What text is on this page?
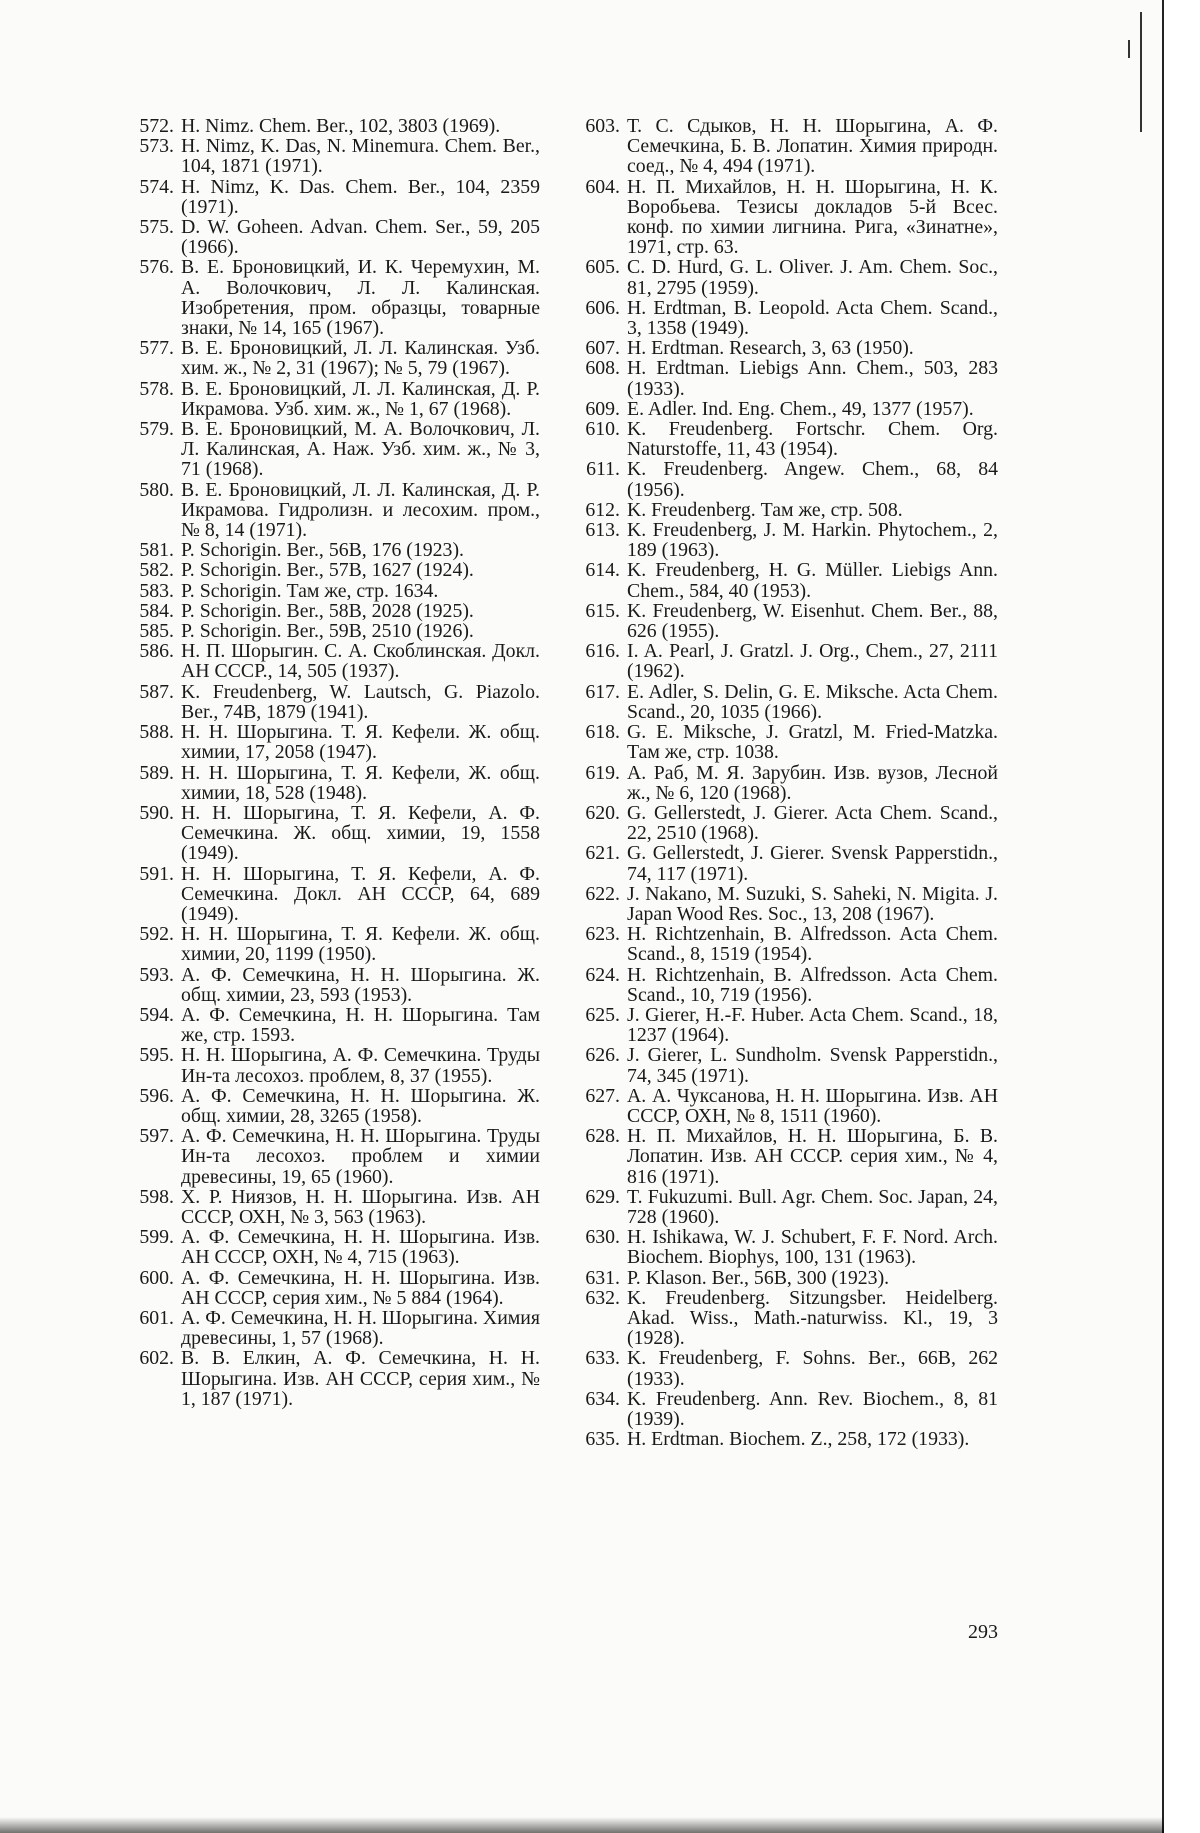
572. H. Nimz. Chem. Ber., 102, 3803 (1969).
573. H. Nimz, K. Das, N. Minemura. Chem. Ber., 104, 1871 (1971).
574. H. Nimz, K. Das. Chem. Ber., 104, 2359 (1971).
575. D. W. Goheen. Advan. Chem. Ser., 59, 205 (1966).
576. В. Е. Броновицкий, И. К. Черемухин, М. А. Волочкович, Л. Л. Калинская. Изобретения, пром. образцы, товарные знаки, № 14, 165 (1967).
577. В. Е. Броновицкий, Л. Л. Калинская. Узб. хим. ж., № 2, 31 (1967); № 5, 79 (1967).
578. В. Е. Броновицкий, Л. Л. Калинская, Д. Р. Икрамова. Узб. хим. ж., № 1, 67 (1968).
579. В. Е. Броновицкий, М. А. Волочкович, Л. Л. Калинская, А. Наж. Узб. хим. ж., № 3, 71 (1968).
580. В. Е. Броновицкий, Л. Л. Калинская, Д. Р. Икрамова. Гидролизн. и лесохим. пром., № 8, 14 (1971).
581. P. Schorigin. Ber., 56B, 176 (1923).
582. P. Schorigin. Ber., 57B, 1627 (1924).
583. P. Schorigin. Там же, стр. 1634.
584. P. Schorigin. Ber., 58B, 2028 (1925).
585. P. Schorigin. Ber., 59B, 2510 (1926).
586. Н. П. Шорыгин. С. А. Скоблинская. Докл. АН СССР., 14, 505 (1937).
587. K. Freudenberg, W. Lautsch, G. Piazolo. Ber., 74B, 1879 (1941).
588. Н. Н. Шорыгина. Т. Я. Кефели. Ж. общ. химии, 17, 2058 (1947).
589. Н. Н. Шорыгина, Т. Я. Кефели, Ж. общ. химии, 18, 528 (1948).
590. Н. Н. Шорыгина, Т. Я. Кефели, А. Ф. Семечкина. Ж. общ. химии, 19, 1558 (1949).
591. Н. Н. Шорыгина, Т. Я. Кефели, А. Ф. Семечкина. Докл. АН СССР, 64, 689 (1949).
592. Н. Н. Шорыгина, Т. Я. Кефели. Ж. общ. химии, 20, 1199 (1950).
593. А. Ф. Семечкина, Н. Н. Шорыгина. Ж. общ. химии, 23, 593 (1953).
594. А. Ф. Семечкина, Н. Н. Шорыгина. Там же, стр. 1593.
595. Н. Н. Шорыгина, А. Ф. Семечкина. Труды Ин-та лесохоз. проблем, 8, 37 (1955).
596. А. Ф. Семечкина, Н. Н. Шорыгина. Ж. общ. химии, 28, 3265 (1958).
597. А. Ф. Семечкина, Н. Н. Шорыгина. Труды Ин-та лесохоз. проблем и химии древесины, 19, 65 (1960).
598. Х. Р. Ниязов, Н. Н. Шорыгина. Изв. АН СССР, ОХН, № 3, 563 (1963).
599. А. Ф. Семечкина, Н. Н. Шорыгина. Изв. АН СССР, ОХН, № 4, 715 (1963).
600. А. Ф. Семечкина, Н. Н. Шорыгина. Изв. АН СССР, серия хим., № 5 884 (1964).
601. А. Ф. Семечкина, Н. Н. Шорыгина. Химия древесины, 1, 57 (1968).
602. В. В. Елкин, А. Ф. Семечкина, Н. Н. Шорыгина. Изв. АН СССР, серия хим., № 1, 187 (1971).
603. Т. С. Сдыков, Н. Н. Шорыгина, А. Ф. Семечкина, Б. В. Лопатин. Химия природн. соед., № 4, 494 (1971).
604. Н. П. Михайлов, Н. Н. Шорыгина, Н. К. Воробьева. Тезисы докладов 5-й Всес. конф. по химии лигнина. Рига, «Зинатне», 1971, стр. 63.
605. C. D. Hurd, G. L. Oliver. J. Am. Chem. Soc., 81, 2795 (1959).
606. H. Erdtman, B. Leopold. Acta Chem. Scand., 3, 1358 (1949).
607. H. Erdtman. Research, 3, 63 (1950).
608. H. Erdtman. Liebigs Ann. Chem., 503, 283 (1933).
609. E. Adler. Ind. Eng. Chem., 49, 1377 (1957).
610. K. Freudenberg. Fortschr. Chem. Org. Naturstoffe, 11, 43 (1954).
611. K. Freudenberg. Angew. Chem., 68, 84 (1956).
612. K. Freudenberg. Там же, стр. 508.
613. K. Freudenberg, J. M. Harkin. Phytochem., 2, 189 (1963).
614. K. Freudenberg, H. G. Müller. Liebigs Ann. Chem., 584, 40 (1953).
615. K. Freudenberg, W. Eisenhut. Chem. Ber., 88, 626 (1955).
616. I. A. Pearl, J. Gratzl. J. Org., Chem., 27, 2111 (1962).
617. E. Adler, S. Delin, G. E. Miksche. Acta Chem. Scand., 20, 1035 (1966).
618. G. E. Miksche, J. Gratzl, M. Fried-Matzka. Там же, стр. 1038.
619. А. Раб, М. Я. Зарубин. Изв. вузов, Лесной ж., № 6, 120 (1968).
620. G. Gellerstedt, J. Gierer. Acta Chem. Scand., 22, 2510 (1968).
621. G. Gellerstedt, J. Gierer. Svensk Papperstidn., 74, 117 (1971).
622. J. Nakano, M. Suzuki, S. Saheki, N. Migita. J. Japan Wood Res. Soc., 13, 208 (1967).
623. H. Richtzenhain, B. Alfredsson. Acta Chem. Scand., 8, 1519 (1954).
624. H. Richtzenhain, B. Alfredsson. Acta Chem. Scand., 10, 719 (1956).
625. J. Gierer, H.-F. Huber. Acta Chem. Scand., 18, 1237 (1964).
626. J. Gierer, L. Sundholm. Svensk Papperstidn., 74, 345 (1971).
627. А. А. Чуксанова, Н. Н. Шорыгина. Изв. АН СССР, ОХН, № 8, 1511 (1960).
628. Н. П. Михайлов, Н. Н. Шорыгина, Б. В. Лопатин. Изв. АН СССР. серия хим., № 4, 816 (1971).
629. T. Fukuzumi. Bull. Agr. Chem. Soc. Japan, 24, 728 (1960).
630. H. Ishikawa, W. J. Schubert, F. F. Nord. Arch. Biochem. Biophys, 100, 131 (1963).
631. P. Klason. Ber., 56B, 300 (1923).
632. K. Freudenberg. Sitzungsber. Heidelberg. Akad. Wiss., Math.-naturwiss. Kl., 19, 3 (1928).
633. K. Freudenberg, F. Sohns. Ber., 66B, 262 (1933).
634. K. Freudenberg. Ann. Rev. Biochem., 8, 81 (1939).
635. H. Erdtman. Biochem. Z., 258, 172 (1933).
293
